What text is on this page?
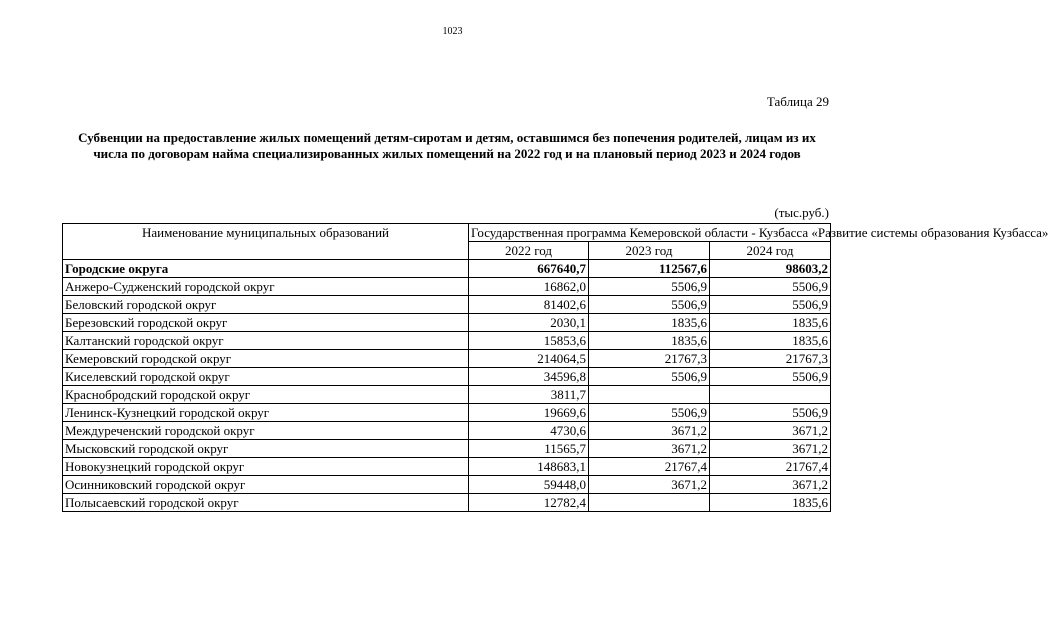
1023
Таблица 29
Субвенции на предоставление жилых помещений детям-сиротам и детям, оставшимся без попечения родителей, лицам из их числа по договорам найма специализированных жилых помещений на 2022 год и на плановый период 2023 и 2024 годов
(тыс.руб.)
Наименование муниципальных образований	Государственная программа Кемеровской области - Кузбасса «Развитие системы образования Кузбасса»		
	2022 год	2023 год	2024 год
Городские округа	667640,7	112567,6	98603,2
Анжеро-Судженский городской округ	16862,0	5506,9	5506,9
Беловский городской округ	81402,6	5506,9	5506,9
Березовский городской округ	2030,1	1835,6	1835,6
Калтанский городской округ	15853,6	1835,6	1835,6
Кемеровский городской округ	214064,5	21767,3	21767,3
Киселевский городской округ	34596,8	5506,9	5506,9
Краснобродский городской округ	3811,7		
Ленинск-Кузнецкий городской округ	19669,6	5506,9	5506,9
Междуреченский городской округ	4730,6	3671,2	3671,2
Мысковский городской округ	11565,7	3671,2	3671,2
Новокузнецкий городской округ	148683,1	21767,4	21767,4
Осинниковский городской округ	59448,0	3671,2	3671,2
Полысаевский городской округ	12782,4		1835,6
